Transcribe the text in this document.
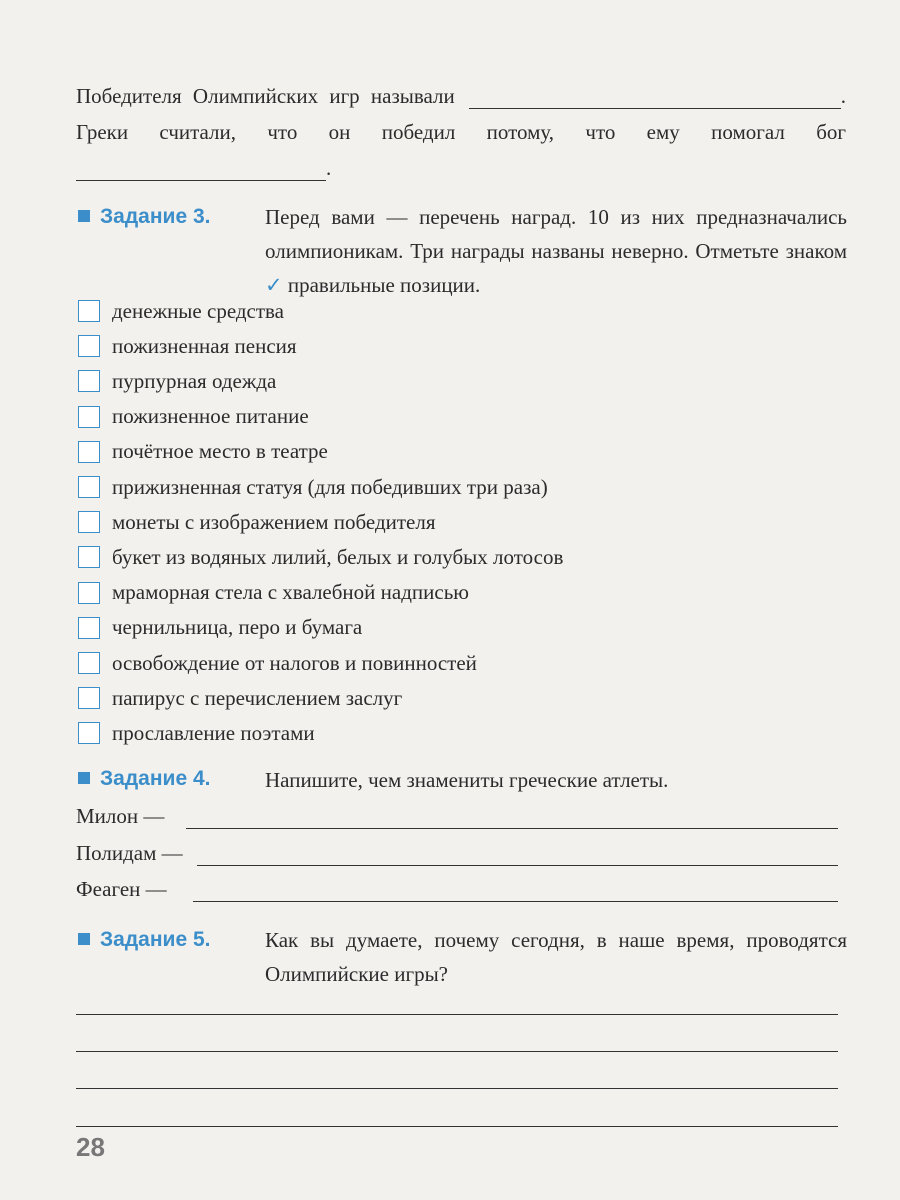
Победителя Олимпийских игр называли	.
Греки считали, что он победил потому, что ему помогал бог
.
Задание 3.	Перед вами — перечень наград. 10 из них предназначались олимпионикам. Три награды названы неверно. Отметьте знаком ✓ правильные позиции.
денежные средства
пожизненная пенсия
пурпурная одежда
пожизненное питание
почётное место в театре
прижизненная статуя (для победивших три раза)
монеты с изображением победителя
букет из водяных лилий, белых и голубых лотосов
мраморная стела с хвалебной надписью
чернильница, перо и бумага
освобождение от налогов и повинностей
папирус с перечислением заслуг
прославление поэтами
Задание 4.	Напишите, чем знамениты греческие атлеты.
Милон —
Полидам —
Феаген —
Задание 5.	Как вы думаете, почему сегодня, в наше время, проводятся Олимпийские игры?
28
